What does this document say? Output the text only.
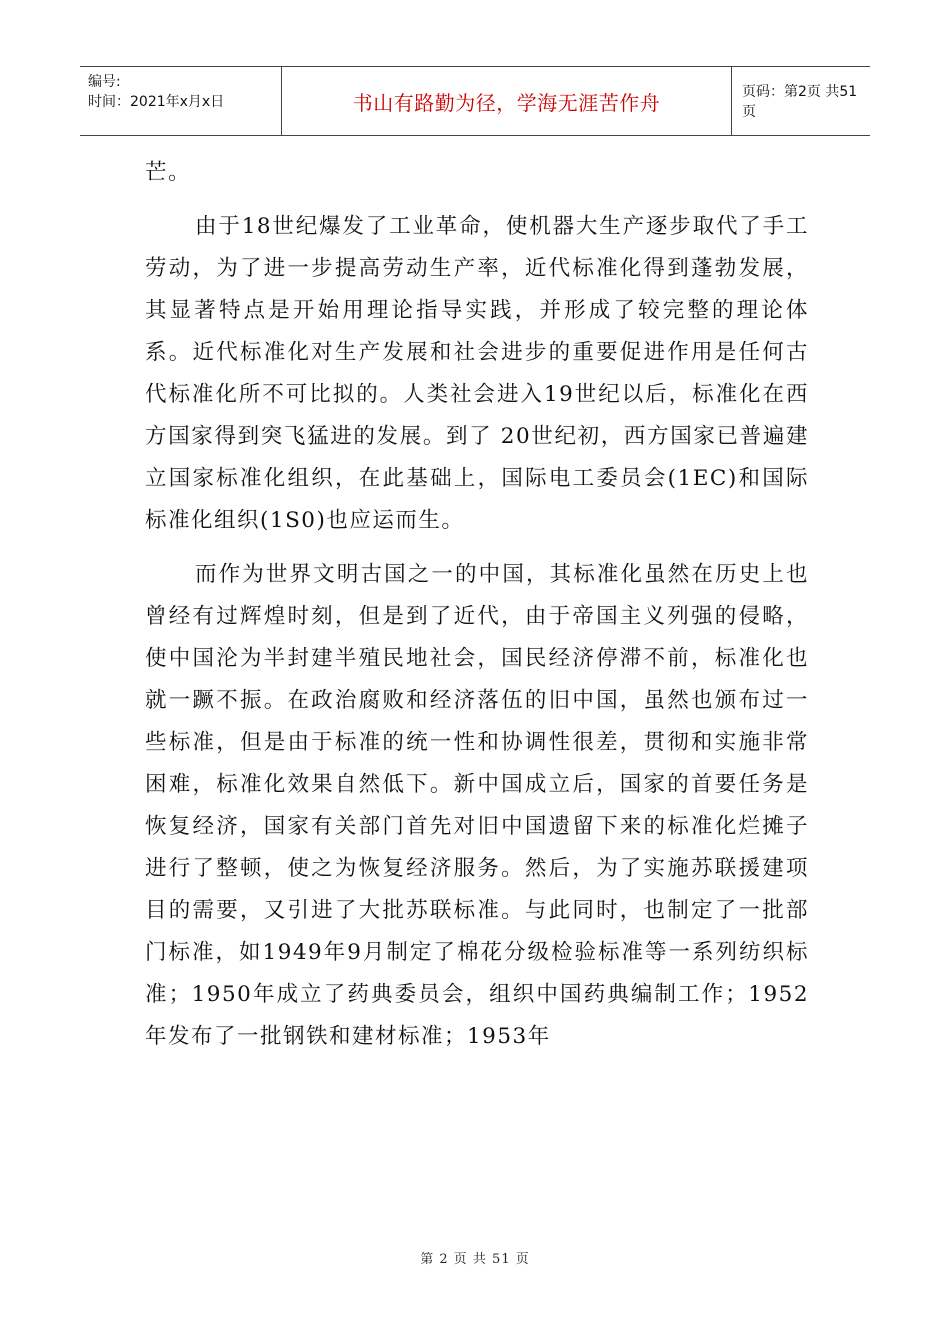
编号:
时间：2021年x月x日	书山有路勤为径，学海无涯苦作舟	页码：第2页 共51页

芒。

由于18世纪爆发了工业革命，使机器大生产逐步取代了手工劳动，为了进一步提高劳动生产率，近代标准化得到蓬勃发展，其显著特点是开始用理论指导实践，并形成了较完整的理论体系。近代标准化对生产发展和社会进步的重要促进作用是任何古代标准化所不可比拟的。人类社会进入19世纪以后，标准化在西方国家得到突飞猛进的发展。到了 20世纪初，西方国家已普遍建立国家标准化组织，在此基础上，国际电工委员会(1EC)和国际标准化组织(1S0)也应运而生。

而作为世界文明古国之一的中国，其标准化虽然在历史上也曾经有过辉煌时刻，但是到了近代，由于帝国主义列强的侵略，使中国沦为半封建半殖民地社会，国民经济停滞不前，标准化也就一蹶不振。在政治腐败和经济落伍的旧中国，虽然也颁布过一些标准，但是由于标准的统一性和协调性很差，贯彻和实施非常困难，标准化效果自然低下。新中国成立后，国家的首要任务是恢复经济，国家有关部门首先对旧中国遗留下来的标准化烂摊子进行了整顿，使之为恢复经济服务。然后，为了实施苏联援建项目的需要，又引进了大批苏联标准。与此同时，也制定了一批部门标准，如1949年9月制定了棉花分级检验标准等一系列纺织标准；1950年成立了药典委员会，组织中国药典编制工作；1952年发布了一批钢铁和建材标准；1953年

第 2 页 共 51 页
